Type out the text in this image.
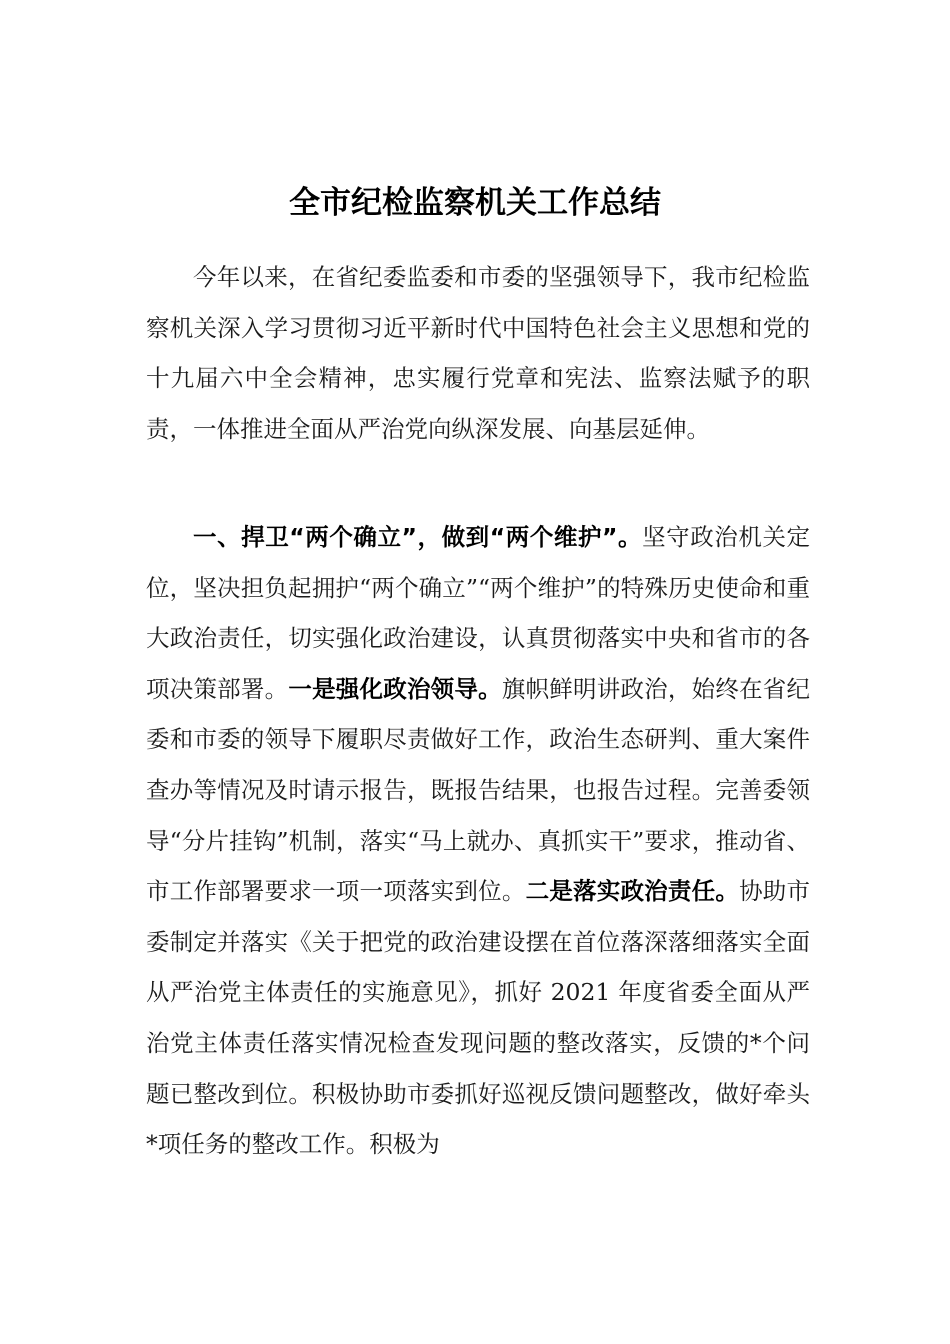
全市纪检监察机关工作总结

今年以来，在省纪委监委和市委的坚强领导下，我市纪检监察机关深入学习贯彻习近平新时代中国特色社会主义思想和党的十九届六中全会精神，忠实履行党章和宪法、监察法赋予的职责，一体推进全面从严治党向纵深发展、向基层延伸。

一、捍卫“两个确立”，做到“两个维护”。坚守政治机关定位，坚决担负起拥护“两个确立”“两个维护”的特殊历史使命和重大政治责任，切实强化政治建设，认真贯彻落实中央和省市的各项决策部署。一是强化政治领导。旗帜鲜明讲政治，始终在省纪委和市委的领导下履职尽责做好工作，政治生态研判、重大案件查办等情况及时请示报告，既报告结果，也报告过程。完善委领导“分片挂钩”机制，落实“马上就办、真抓实干”要求，推动省、市工作部署要求一项一项落实到位。二是落实政治责任。协助市委制定并落实《关于把党的政治建设摆在首位落深落细落实全面从严治党主体责任的实施意见》，抓好 2021 年度省委全面从严治党主体责任落实情况检查发现问题的整改落实，反馈的*个问题已整改到位。积极协助市委抓好巡视反馈问题整改，做好牵头*项任务的整改工作。积极为
